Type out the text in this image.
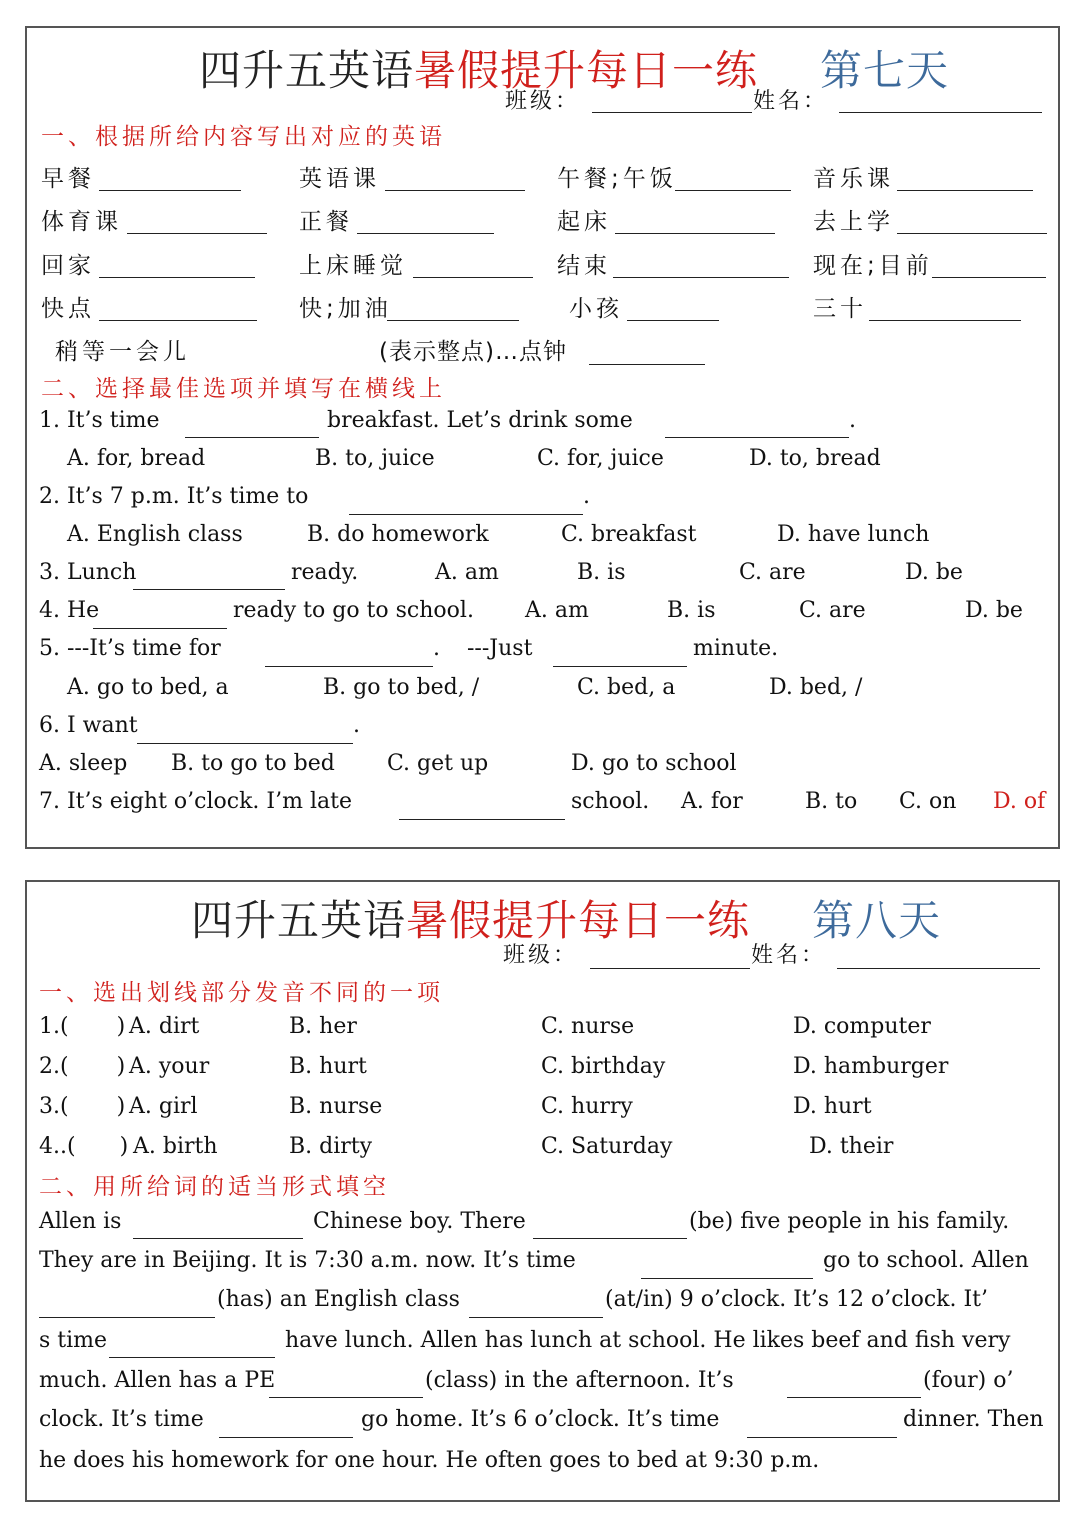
四升五英语暑假提升每日一练 第七天
班级：	姓名：
一、根据所给内容写出对应的英语
早餐	英语课	午餐;午饭	音乐课
体育课	正餐	起床	去上学
回家	上床睡觉	结束	现在;目前
快点	快;加油	小孩	三十
稍等一会儿	(表示整点)…点钟
二、选择最佳选项并填写在横线上
1. It’s time	breakfast. Let’s drink some	.
A. for, bread	B. to, juice	C. for, juice	D. to, bread
2. It’s 7 p.m. It’s time to	.
A. English class	B. do homework	C. breakfast	D. have lunch
3. Lunch	ready.	A. am	B. is	C. are	D. be
4. He	ready to go to school. A. am	B. is	C. are	D. be
5. ---It’s time for	. ---Just	minute.
A. go to bed, a	B. go to bed, /	C. bed, a	D. bed, /
6. I want	.
A. sleep B. to go to bed C. get up	D. go to school
7. It’s eight o’clock. I’m late	school. A. for	B. to C. on D. of
四升五英语暑假提升每日一练 第八天
班级：	姓名：
一、选出划线部分发音不同的一项
1.( ) A. dirt	B. her	C. nurse	D. computer
2.( ) A. your	B. hurt	C. birthday	D. hamburger
3.( ) A. girl	B. nurse	C. hurry	D. hurt
4..( ) A. birth	B. dirty	C. Saturday	D. their
二、用所给词的适当形式填空
Allen is	Chinese boy. There	(be) five people in his family.
They are in Beijing. It is 7:30 a.m. now. It’s time	go to school. Allen
(has) an English class	(at/in) 9 o’clock. It’s 12 o’clock. It’
s time	have lunch. Allen has lunch at school. He likes beef and fish very
much. Allen has a PE	(class) in the afternoon. It’s	(four) o’
clock. It’s time	go home. It’s 6 o’clock. It’s time	dinner. Then
he does his homework for one hour. He often goes to bed at 9:30 p.m.
